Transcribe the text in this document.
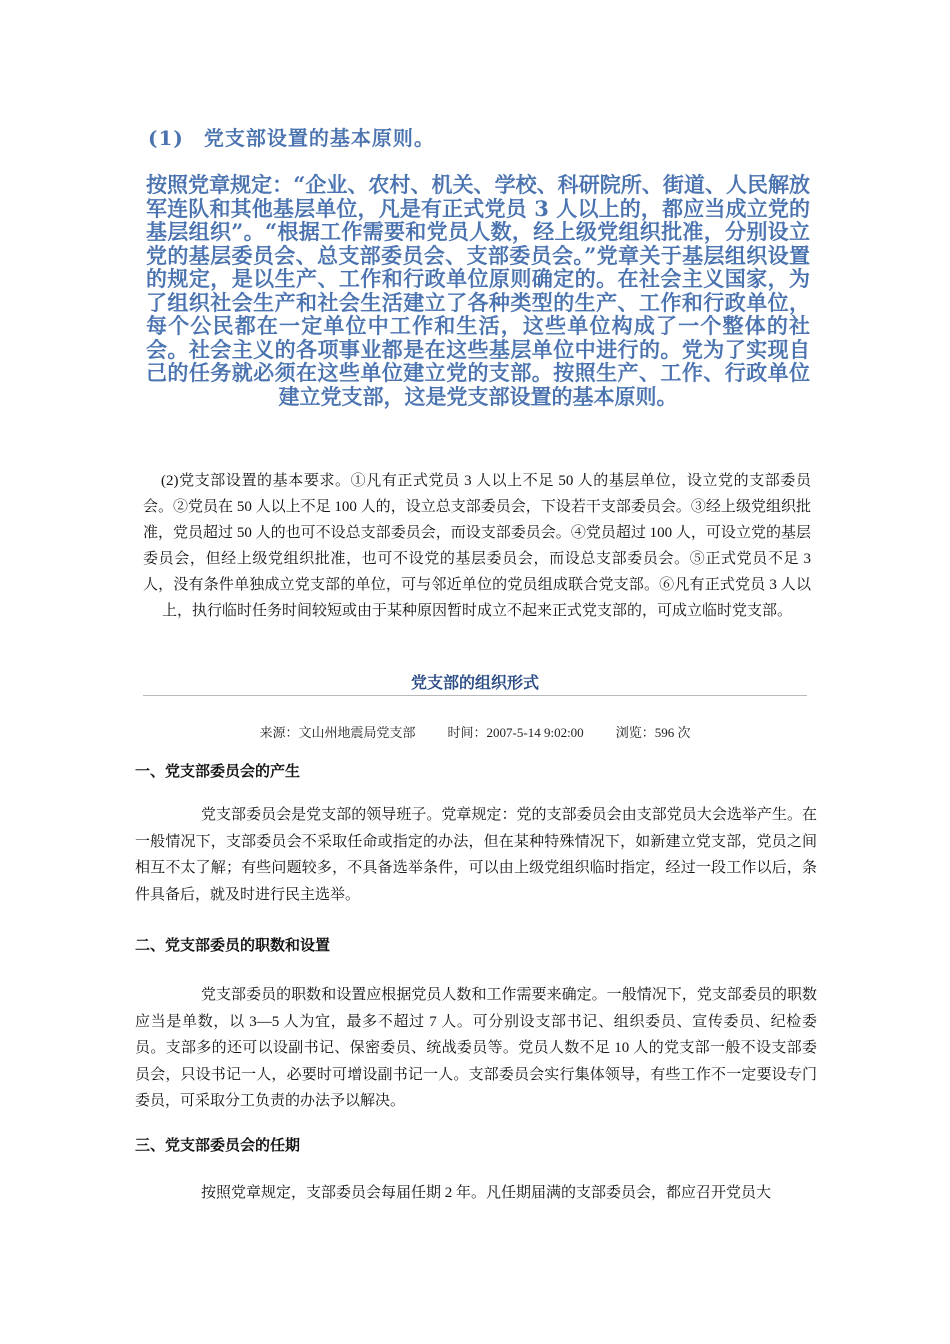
(1) 党支部设置的基本原则。
按照党章规定：“企业、农村、机关、学校、科研院所、街道、人民解放军连队和其他基层单位，凡是有正式党员 3 人以上的，都应当成立党的基层组织”。“根据工作需要和党员人数，经上级党组织批准，分别设立党的基层委员会、总支部委员会、支部委员会。”党章关于基层组织设置的规定，是以生产、工作和行政单位原则确定的。在社会主义国家，为了组织社会生产和社会生活建立了各种类型的生产、工作和行政单位，每个公民都在一定单位中工作和生活，这些单位构成了一个整体的社会。社会主义的各项事业都是在这些基层单位中进行的。党为了实现自己的任务就必须在这些单位建立党的支部。按照生产、工作、行政单位建立党支部，这是党支部设置的基本原则。
(2)党支部设置的基本要求。①凡有正式党员 3 人以上不足 50 人的基层单位，设立党的支部委员会。②党员在 50 人以上不足 100 人的，设立总支部委员会，下设若干支部委员会。③经上级党组织批准，党员超过 50 人的也可不设总支部委员会，而设支部委员会。④党员超过 100 人，可设立党的基层委员会，但经上级党组织批准，也可不设党的基层委员会，而设总支部委员会。⑤正式党员不足 3 人，没有条件单独成立党支部的单位，可与邻近单位的党员组成联合党支部。⑥凡有正式党员 3 人以上，执行临时任务时间较短或由于某种原因暂时成立不起来正式党支部的，可成立临时党支部。
党支部的组织形式
来源：文山州地震局党支部 时间：2007-5-14 9:02:00 浏览：596 次
一、党支部委员会的产生
党支部委员会是党支部的领导班子。党章规定：党的支部委员会由支部党员大会选举产生。在一般情况下，支部委员会不采取任命或指定的办法，但在某种特殊情况下，如新建立党支部，党员之间相互不太了解；有些问题较多，不具备选举条件，可以由上级党组织临时指定，经过一段工作以后，条件具备后，就及时进行民主选举。
二、党支部委员的职数和设置
党支部委员的职数和设置应根据党员人数和工作需要来确定。一般情况下，党支部委员的职数应当是单数，以 3—5 人为宜，最多不超过 7 人。可分别设支部书记、组织委员、宣传委员、纪检委员。支部多的还可以设副书记、保密委员、统战委员等。党员人数不足 10 人的党支部一般不设支部委员会，只设书记一人，必要时可增设副书记一人。支部委员会实行集体领导，有些工作不一定要设专门委员，可采取分工负责的办法予以解决。
三、党支部委员会的任期
按照党章规定，支部委员会每届任期 2 年。凡任期届满的支部委员会，都应召开党员大
